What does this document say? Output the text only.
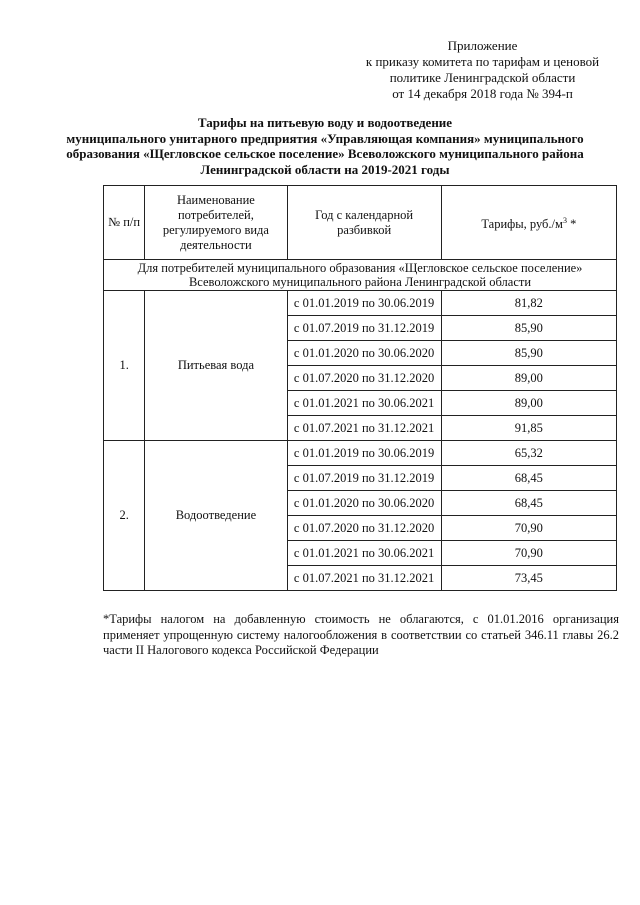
Приложение
к приказу комитета по тарифам и ценовой
политике Ленинградской области
от 14 декабря 2018 года № 394-п
Тарифы на питьевую воду и водоотведение
муниципального унитарного предприятия «Управляющая компания» муниципального
образования «Щегловское сельское поселение» Всеволожского муниципального района
Ленинградской области на 2019-2021 годы
№ п/п	Наименование потребителей, регулируемого вида деятельности	Год с календарной разбивкой	Тарифы, $руб./м^3$ *

Для потребителей муниципального образования «Щегловское сельское поселение»
Всеволожского муниципального района Ленинградской области			

1.	Питьевая вода	с 01.01.2019 по 30.06.2019	81,82
		с 01.07.2019 по 31.12.2019	85,90
		с 01.01.2020 по 30.06.2020	85,90
		с 01.07.2020 по 31.12.2020	89,00
		с 01.01.2021 по 30.06.2021	89,00
		с 01.07.2021 по 31.12.2021	91,85
2.	Водоотведение	с 01.01.2019 по 30.06.2019	65,32
		с 01.07.2019 по 31.12.2019	68,45
		с 01.01.2020 по 30.06.2020	68,45
		с 01.07.2020 по 31.12.2020	70,90
		с 01.01.2021 по 30.06.2021	70,90
		с 01.07.2021 по 31.12.2021	73,45
*Тарифы налогом на добавленную стоимость не облагаются, с 01.01.2016 организация применяет упрощенную систему налогообложения в соответствии со статьей 346.11 главы 26.2 части II Налогового кодекса Российской Федерации
